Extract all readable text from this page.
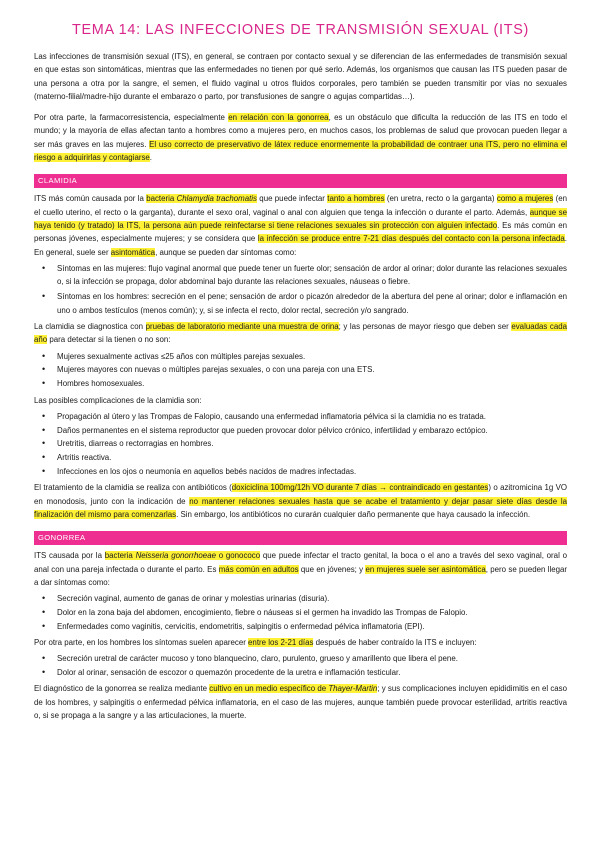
TEMA 14: LAS INFECCIONES DE TRANSMISIÓN SEXUAL (ITS)

Las infecciones de transmisión sexual (ITS), en general, se contraen por contacto sexual y se diferencian de las enfermedades de transmisión sexual en que estas son sintomáticas, mientras que las enfermedades no tienen por qué serlo. Además, los organismos que causan las ITS pueden pasar de una persona a otra por la sangre, el semen, el fluido vaginal u otros fluidos corporales, pero también se pueden transmitir por vías no sexuales (materno-filial/madre-hijo durante el embarazo o parto, por transfusiones de sangre o agujas compartidas…).

Por otra parte, la farmacorresistencia, especialmente en relación con la gonorrea, es un obstáculo que dificulta la reducción de las ITS en todo el mundo; y la mayoría de ellas afectan tanto a hombres como a mujeres pero, en muchos casos, los problemas de salud que provocan pueden llegar a ser más graves en las mujeres. El uso correcto de preservativo de látex reduce enormemente la probabilidad de contraer una ITS, pero no elimina el riesgo a adquirirlas y contagiarse.

CLAMIDIA

ITS más común causada por la bacteria Chlamydia trachomatis que puede infectar tanto a hombres (en uretra, recto o la garganta) como a mujeres (en el cuello uterino, el recto o la garganta), durante el sexo oral, vaginal o anal con alguien que tenga la infección o durante el parto. Además, aunque se haya tenido (y tratado) la ITS, la persona aún puede reinfectarse si tiene relaciones sexuales sin protección con alguien infectado. Es más común en personas jóvenes, especialmente mujeres; y se considera que la infección se produce entre 7-21 días después del contacto con la persona infectada. En general, suele ser asintomática, aunque se pueden dar síntomas como:

• Síntomas en las mujeres: flujo vaginal anormal que puede tener un fuerte olor; sensación de ardor al orinar; dolor durante las relaciones sexuales o, si la infección se propaga, dolor abdominal bajo durante las relaciones sexuales, náuseas o fiebre.
• Síntomas en los hombres: secreción en el pene; sensación de ardor o picazón alrededor de la abertura del pene al orinar; dolor e inflamación en uno o ambos testículos (menos común); y, si se infecta el recto, dolor rectal, secreción y/o sangrado.

La clamidia se diagnostica con pruebas de laboratorio mediante una muestra de orina; y las personas de mayor riesgo que deben ser evaluadas cada año para detectar si la tienen o no son:

• Mujeres sexualmente activas ≤25 años con múltiples parejas sexuales.
• Mujeres mayores con nuevas o múltiples parejas sexuales, o con una pareja con una ETS.
• Hombres homosexuales.

Las posibles complicaciones de la clamidia son:

• Propagación al útero y las Trompas de Falopio, causando una enfermedad inflamatoria pélvica si la clamidia no es tratada.
• Daños permanentes en el sistema reproductor que pueden provocar dolor pélvico crónico, infertilidad y embarazo ectópico.
• Uretritis, diarreas o rectorragias en hombres.
• Artritis reactiva.
• Infecciones en los ojos o neumonía en aquellos bebés nacidos de madres infectadas.

El tratamiento de la clamidia se realiza con antibióticos (doxiciclina 100mg/12h VO durante 7 días → contraindicado en gestantes) o azitromicina 1g VO en monodosis, junto con la indicación de no mantener relaciones sexuales hasta que se acabe el tratamiento y dejar pasar siete días desde la finalización del mismo para comenzarlas. Sin embargo, los antibióticos no curarán cualquier daño permanente que haya causado la infección.

GONORREA

ITS causada por la bacteria Neisseria gonorrhoeae o gonococo que puede infectar el tracto genital, la boca o el ano a través del sexo vaginal, oral o anal con una pareja infectada o durante el parto. Es más común en adultos que en jóvenes; y en mujeres suele ser asintomática, pero se pueden llegar a dar síntomas como:

• Secreción vaginal, aumento de ganas de orinar y molestias urinarias (disuria).
• Dolor en la zona baja del abdomen, encogimiento, fiebre o náuseas si el germen ha invadido las Trompas de Falopio.
• Enfermedades como vaginitis, cervicitis, endometritis, salpingitis o enfermedad pélvica inflamatoria (EPI).

Por otra parte, en los hombres los síntomas suelen aparecer entre los 2-21 días después de haber contraído la ITS e incluyen:

• Secreción uretral de carácter mucoso y tono blanquecino, claro, purulento, grueso y amarillento que libera el pene.
• Dolor al orinar, sensación de escozor o quemazón procedente de la uretra e inflamación testicular.

El diagnóstico de la gonorrea se realiza mediante cultivo en un medio específico de Thayer-Martin; y sus complicaciones incluyen epididimitis en el caso de los hombres, y salpingitis o enfermedad pélvica inflamatoria, en el caso de las mujeres, aunque también puede provocar esterilidad, artritis reactiva o, si se propaga a la sangre y a las articulaciones, la muerte.
